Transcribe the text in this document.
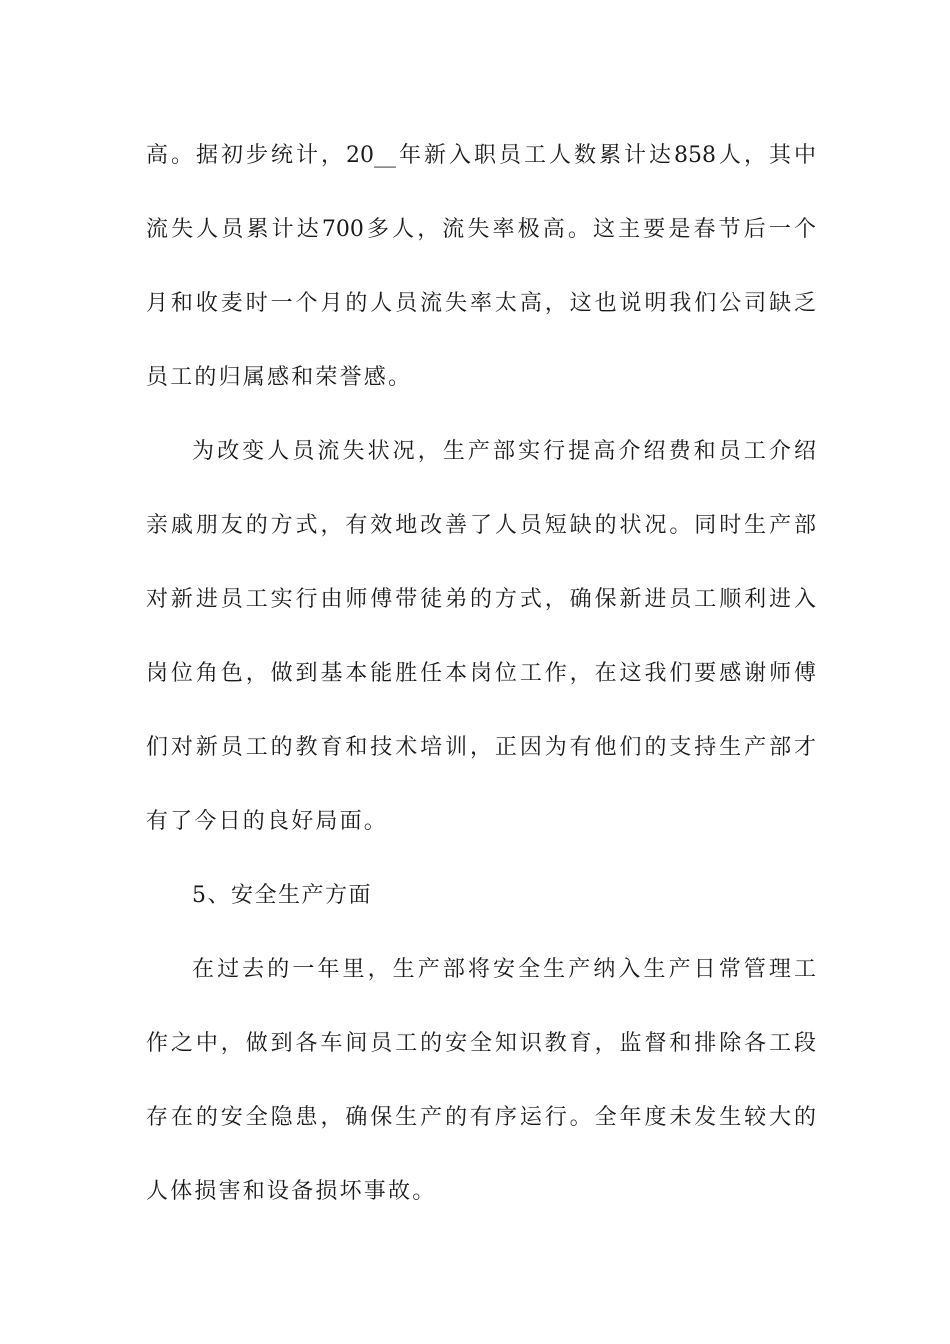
高。据初步统计，20__年新入职员工人数累计达858人，其中
流失人员累计达700多人，流失率极高。这主要是春节后一个
月和收麦时一个月的人员流失率太高，这也说明我们公司缺乏
员工的归属感和荣誉感。
为改变人员流失状况，生产部实行提高介绍费和员工介绍
亲戚朋友的方式，有效地改善了人员短缺的状况。同时生产部
对新进员工实行由师傅带徒弟的方式，确保新进员工顺利进入
岗位角色，做到基本能胜任本岗位工作，在这我们要感谢师傅
们对新员工的教育和技术培训，正因为有他们的支持生产部才
有了今日的良好局面。
5、安全生产方面
在过去的一年里，生产部将安全生产纳入生产日常管理工
作之中，做到各车间员工的安全知识教育，监督和排除各工段
存在的安全隐患，确保生产的有序运行。全年度未发生较大的
人体损害和设备损坏事故。
